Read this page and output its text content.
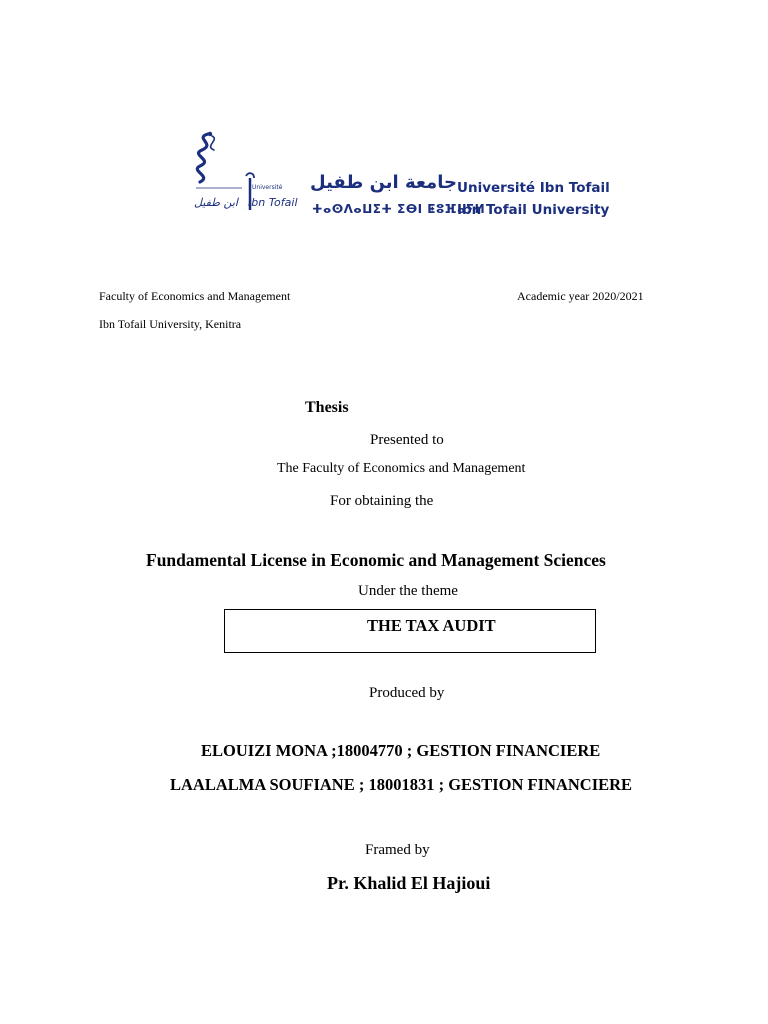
Université
ابن طفيل Ibn Tofail
جامعة ابن طفيل
ⵜⴰⵙⴷⴰⵡⵉⵜ ⵉⴱⵏ ⵟⵓⴼⴰⵢⵍ
Université Ibn Tofail
Ibn Tofail University
Faculty of Economics and Management	Academic year 2020/2021
Ibn Tofail University, Kenitra
Thesis
Presented to
The Faculty of Economics and Management
For obtaining the
Fundamental License in Economic and Management Sciences
Under the theme
THE TAX AUDIT
Produced by
ELOUIZI MONA ;18004770 ; GESTION FINANCIERE
LAALALMA SOUFIANE ; 18001831 ; GESTION FINANCIERE
Framed by
Pr. Khalid El Hajioui
